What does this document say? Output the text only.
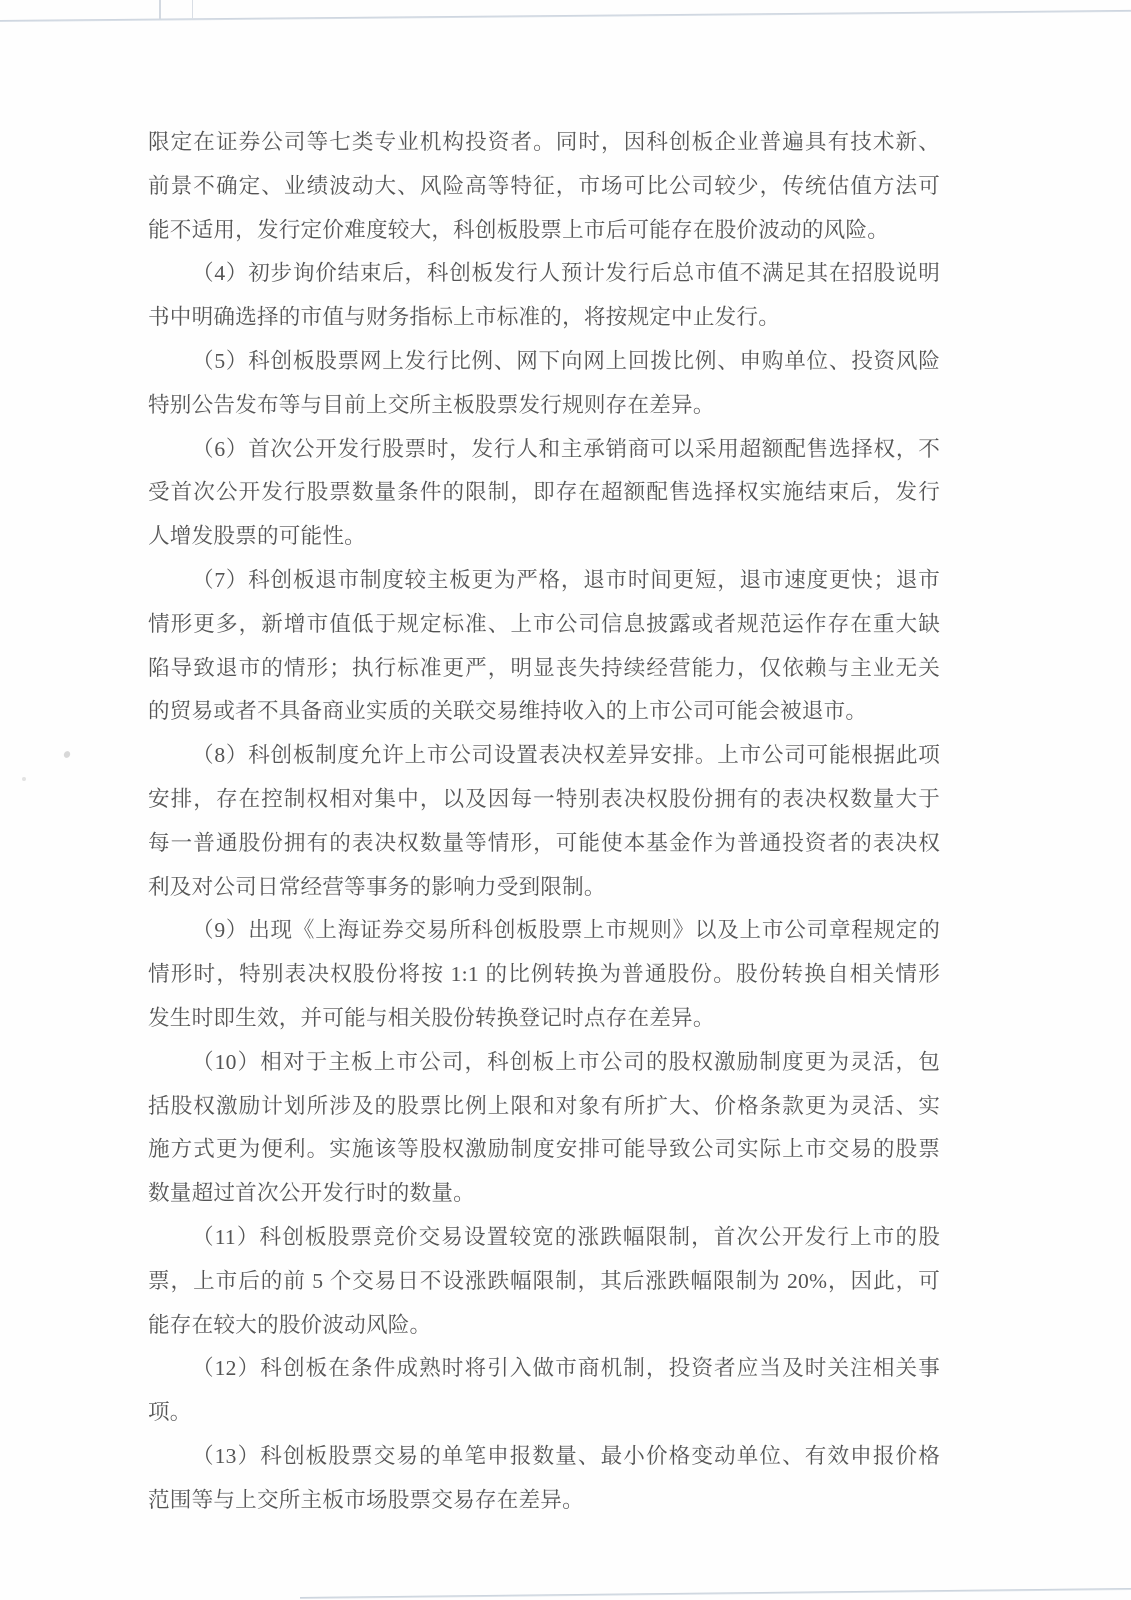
限定在证券公司等七类专业机构投资者。同时，因科创板企业普遍具有技术新、
前景不确定、业绩波动大、风险高等特征，市场可比公司较少，传统估值方法可
能不适用，发行定价难度较大，科创板股票上市后可能存在股价波动的风险。
（4）初步询价结束后，科创板发行人预计发行后总市值不满足其在招股说明
书中明确选择的市值与财务指标上市标准的，将按规定中止发行。
（5）科创板股票网上发行比例、网下向网上回拨比例、申购单位、投资风险
特别公告发布等与目前上交所主板股票发行规则存在差异。
（6）首次公开发行股票时，发行人和主承销商可以采用超额配售选择权，不
受首次公开发行股票数量条件的限制，即存在超额配售选择权实施结束后，发行
人增发股票的可能性。
（7）科创板退市制度较主板更为严格，退市时间更短，退市速度更快；退市
情形更多，新增市值低于规定标准、上市公司信息披露或者规范运作存在重大缺
陷导致退市的情形；执行标准更严，明显丧失持续经营能力，仅依赖与主业无关
的贸易或者不具备商业实质的关联交易维持收入的上市公司可能会被退市。
（8）科创板制度允许上市公司设置表决权差异安排。上市公司可能根据此项
安排，存在控制权相对集中，以及因每一特别表决权股份拥有的表决权数量大于
每一普通股份拥有的表决权数量等情形，可能使本基金作为普通投资者的表决权
利及对公司日常经营等事务的影响力受到限制。
（9）出现《上海证券交易所科创板股票上市规则》以及上市公司章程规定的
情形时，特别表决权股份将按 1:1 的比例转换为普通股份。股份转换自相关情形
发生时即生效，并可能与相关股份转换登记时点存在差异。
（10）相对于主板上市公司，科创板上市公司的股权激励制度更为灵活，包
括股权激励计划所涉及的股票比例上限和对象有所扩大、价格条款更为灵活、实
施方式更为便利。实施该等股权激励制度安排可能导致公司实际上市交易的股票
数量超过首次公开发行时的数量。
（11）科创板股票竞价交易设置较宽的涨跌幅限制，首次公开发行上市的股
票，上市后的前 5 个交易日不设涨跌幅限制，其后涨跌幅限制为 20%，因此，可
能存在较大的股价波动风险。
（12）科创板在条件成熟时将引入做市商机制，投资者应当及时关注相关事
项。
（13）科创板股票交易的单笔申报数量、最小价格变动单位、有效申报价格
范围等与上交所主板市场股票交易存在差异。
